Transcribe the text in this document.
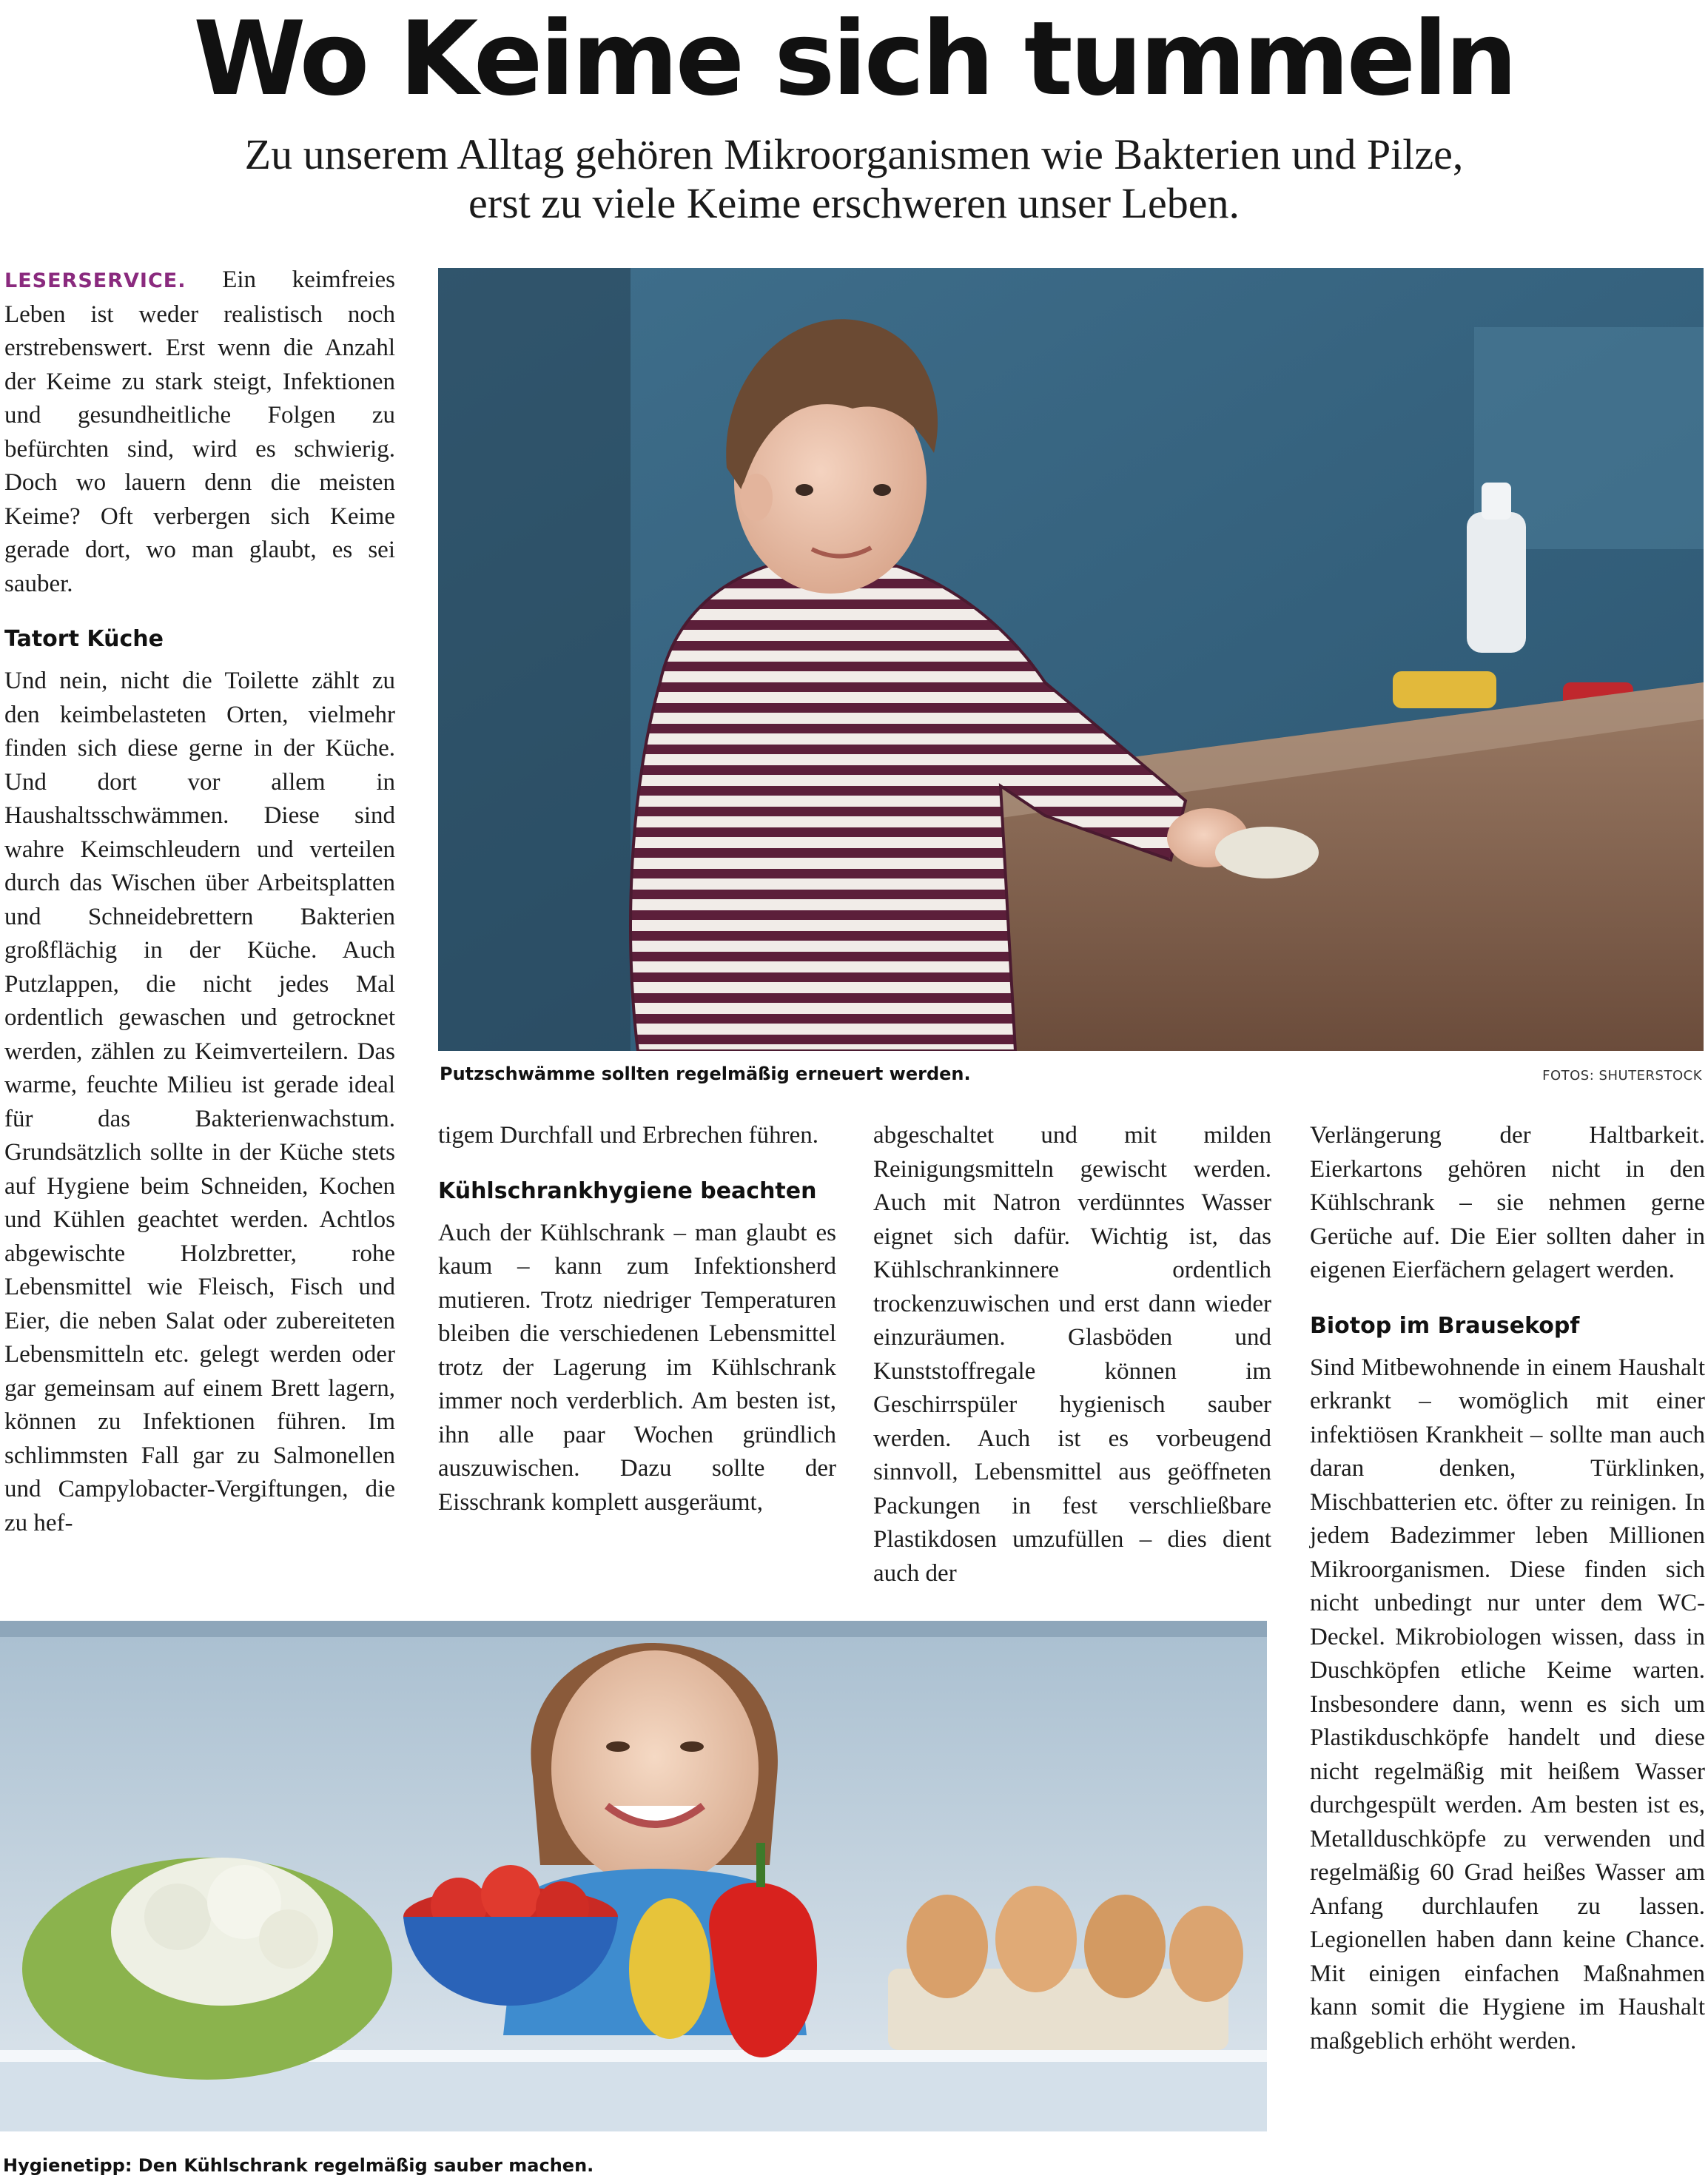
Wo Keime sich tummeln
Zu unserem Alltag gehören Mikroorganismen wie Bakterien und Pilze,
erst zu viele Keime erschweren unser Leben.

LESERSERVICE. Ein keimfreies Leben ist weder realistisch noch erstrebenswert. Erst wenn die Anzahl der Keime zu stark steigt, Infektionen und gesundheitliche Folgen zu befürchten sind, wird es schwierig. Doch wo lauern denn die meisten Keime? Oft verbergen sich Keime gerade dort, wo man glaubt, es sei sauber.

Tatort Küche

Und nein, nicht die Toilette zählt zu den keimbelasteten Orten, vielmehr finden sich diese gerne in der Küche. Und dort vor allem in Haushaltsschwämmen. Diese sind wahre Keimschleudern und verteilen durch das Wischen über Arbeitsplatten und Schneidebrettern Bakterien großflächig in der Küche. Auch Putzlappen, die nicht jedes Mal ordentlich gewaschen und getrocknet werden, zählen zu Keimverteilern. Das warme, feuchte Milieu ist gerade ideal für das Bakterienwachstum. Grundsätzlich sollte in der Küche stets auf Hygiene beim Schneiden, Kochen und Kühlen geachtet werden. Achtlos abgewischte Holzbretter, rohe Lebensmittel wie Fleisch, Fisch und Eier, die neben Salat oder zubereiteten Lebensmitteln etc. gelegt werden oder gar gemeinsam auf einem Brett lagern, können zu Infektionen führen. Im schlimmsten Fall gar zu Salmonellen und Campylobacter-Vergiftungen, die zu hef-

Putzschwämme sollten regelmäßig erneuert werden.	FOTOS: SHUTERSTOCK

tigem Durchfall und Erbrechen führen.

Kühlschrankhygiene beachten

Auch der Kühlschrank – man glaubt es kaum – kann zum Infektionsherd mutieren. Trotz niedriger Temperaturen bleiben die verschiedenen Lebensmittel trotz der Lagerung im Kühlschrank immer noch verderblich. Am besten ist, ihn alle paar Wochen gründlich auszuwischen. Dazu sollte der Eisschrank komplett ausgeräumt,

abgeschaltet und mit milden Reinigungsmitteln gewischt werden. Auch mit Natron verdünntes Wasser eignet sich dafür. Wichtig ist, das Kühlschrankinnere ordentlich trockenzuwischen und erst dann wieder einzuräumen. Glasböden und Kunststoffregale können im Geschirrspüler hygienisch sauber werden. Auch ist es vorbeugend sinnvoll, Lebensmittel aus geöffneten Packungen in fest verschließbare Plastikdosen umzufüllen – dies dient auch der

Verlängerung der Haltbarkeit. Eierkartons gehören nicht in den Kühlschrank – sie nehmen gerne Gerüche auf. Die Eier sollten daher in eigenen Eierfächern gelagert werden.

Biotop im Brausekopf

Sind Mitbewohnende in einem Haushalt erkrankt – womöglich mit einer infektiösen Krankheit – sollte man auch daran denken, Türklinken, Mischbatterien etc. öfter zu reinigen. In jedem Badezimmer leben Millionen Mikroorganismen. Diese finden sich nicht unbedingt nur unter dem WC-Deckel. Mikrobiologen wissen, dass in Duschköpfen etliche Keime warten. Insbesondere dann, wenn es sich um Plastikduschköpfe handelt und diese nicht regelmäßig mit heißem Wasser durchgespült werden. Am besten ist es, Metallduschköpfe zu verwenden und regelmäßig 60 Grad heißes Wasser am Anfang durchlaufen zu lassen. Legionellen haben dann keine Chance. Mit einigen einfachen Maßnahmen kann somit die Hygiene im Haushalt maßgeblich erhöht werden.

Hygienetipp: Den Kühlschrank regelmäßig sauber machen.
